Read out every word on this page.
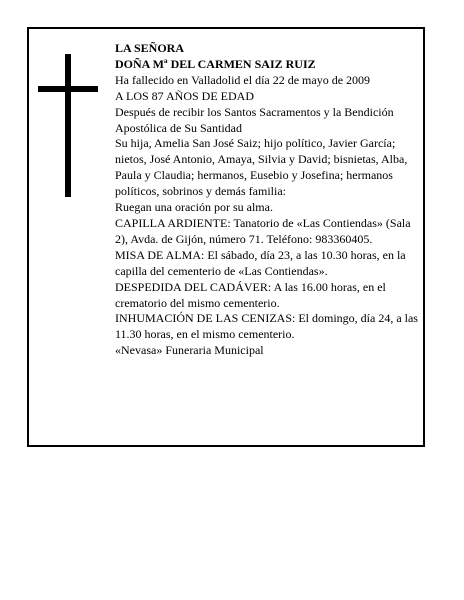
LA SEÑORA

DOÑA Mª DEL CARMEN SAIZ RUIZ

Ha fallecido en Valladolid el día 22 de mayo de 2009

A LOS 87 AÑOS DE EDAD

Después de recibir los Santos Sacramentos y la Bendición Apostólica de Su Santidad

Su hija, Amelia San José Saiz; hijo político, Javier García; nietos, José Antonio, Amaya, Silvia y David; bisnietas, Alba, Paula y Claudia; hermanos, Eusebio y Josefina; hermanos políticos, sobrinos y demás familia:

Ruegan una oración por su alma.

CAPILLA ARDIENTE: Tanatorio de «Las Contiendas» (Sala 2), Avda. de Gijón, número 71. Teléfono: 983360405.

MISA DE ALMA: El sábado, día 23, a las 10.30 horas, en la capilla del cementerio de «Las Contiendas».

DESPEDIDA DEL CADÁVER: A las 16.00 horas, en el crematorio del mismo cementerio.

INHUMACIÓN DE LAS CENIZAS: El domingo, día 24, a las 11.30 horas, en el mismo cementerio.

«Nevasa» Funeraria Municipal
